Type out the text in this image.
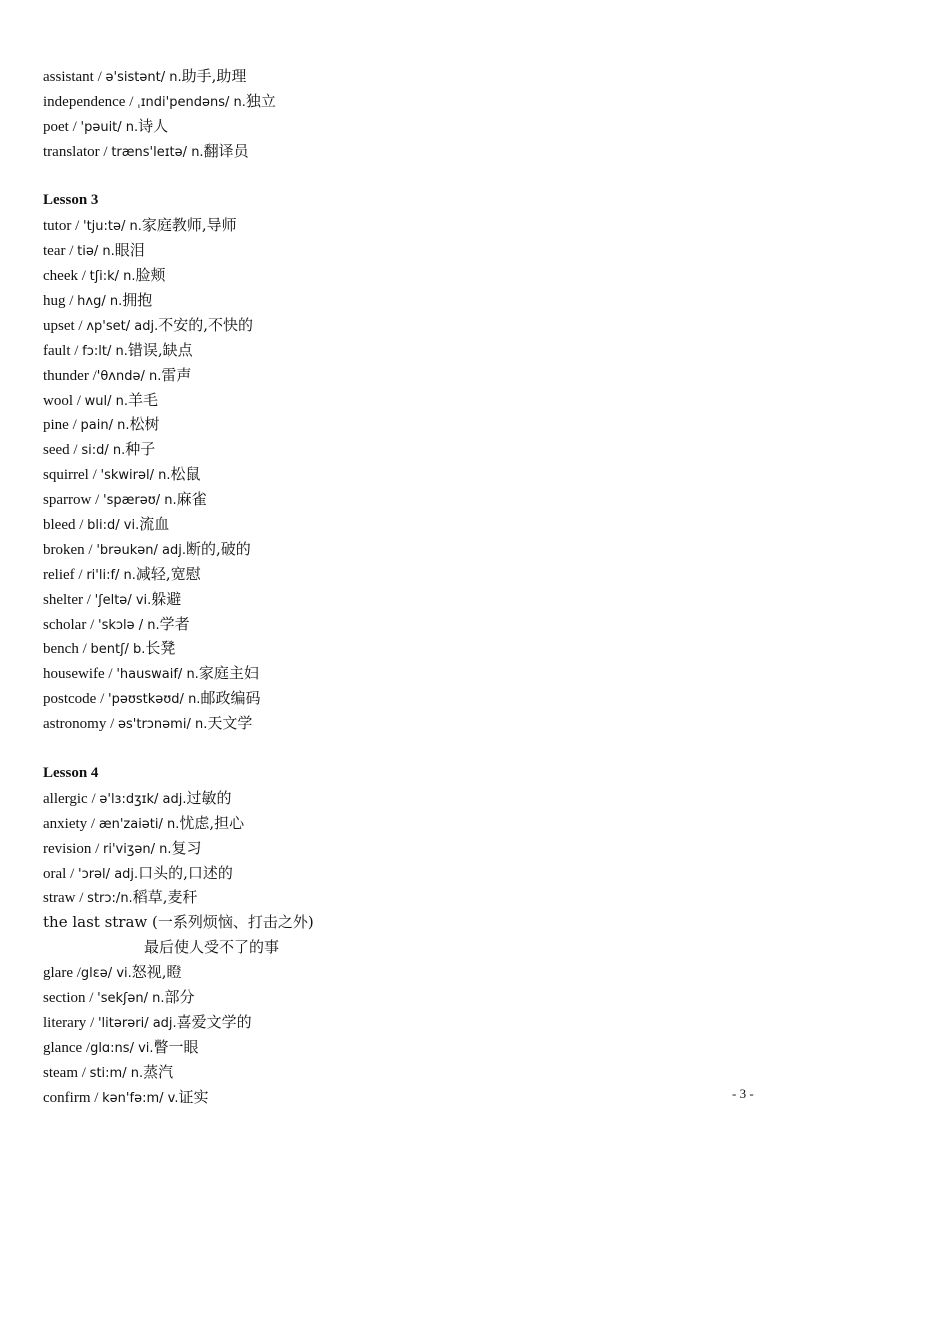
assistant / ə'sistənt/ n.助手,助理
independence / ˌɪndi'pendəns/ n.独立
poet / 'pəuit/ n.诗人
translator / træns'leɪtə/ n.翻译员
Lesson 3
tutor / 'tju:tə/ n.家庭教师,导师
tear / tiə/ n.眼泪
cheek / tʃi:k/ n.脸颊
hug / hʌg/ n.拥抱
upset / ʌp'set/ adj.不安的,不快的
fault / fɔ:lt/ n.错误,缺点
thunder /'θʌndə/ n.雷声
wool / wul/ n.羊毛
pine / pain/ n.松树
seed / si:d/ n.种子
squirrel / 'skwirəl/ n.松鼠
sparrow / 'spærəʊ/ n.麻雀
bleed / bli:d/ vi.流血
broken / 'brəukən/ adj.断的,破的
relief / ri'li:f/ n.减轻,宽慰
shelter / 'ʃeltə/ vi.躲避
scholar / 'skɔlə / n.学者
bench / bentʃ/ b.长凳
housewife / 'hauswaif/ n.家庭主妇
postcode / 'pəʊstkəʊd/ n.邮政编码
astronomy / əs'trɔnəmi/ n.天文学
Lesson 4
allergic / ə'lɜ:dʒɪk/ adj.过敏的
anxiety / æn'zaiəti/ n.忧虑,担心
revision / ri'viʒən/ n.复习
oral / 'ɔrəl/ adj.口头的,口述的
straw / strɔ:/n.稻草,麦秆
the last straw (一系列烦恼、打击之外)
最后使人受不了的事
glare /glɛə/ vi.怒视,瞪
section / 'sekʃən/ n.部分
literary / 'litərəri/ adj.喜爱文学的
glance /glɑ:ns/ vi.瞥一眼
steam / sti:m/ n.蒸汽
confirm / kən'fə:m/ v.证实	- 3 -
